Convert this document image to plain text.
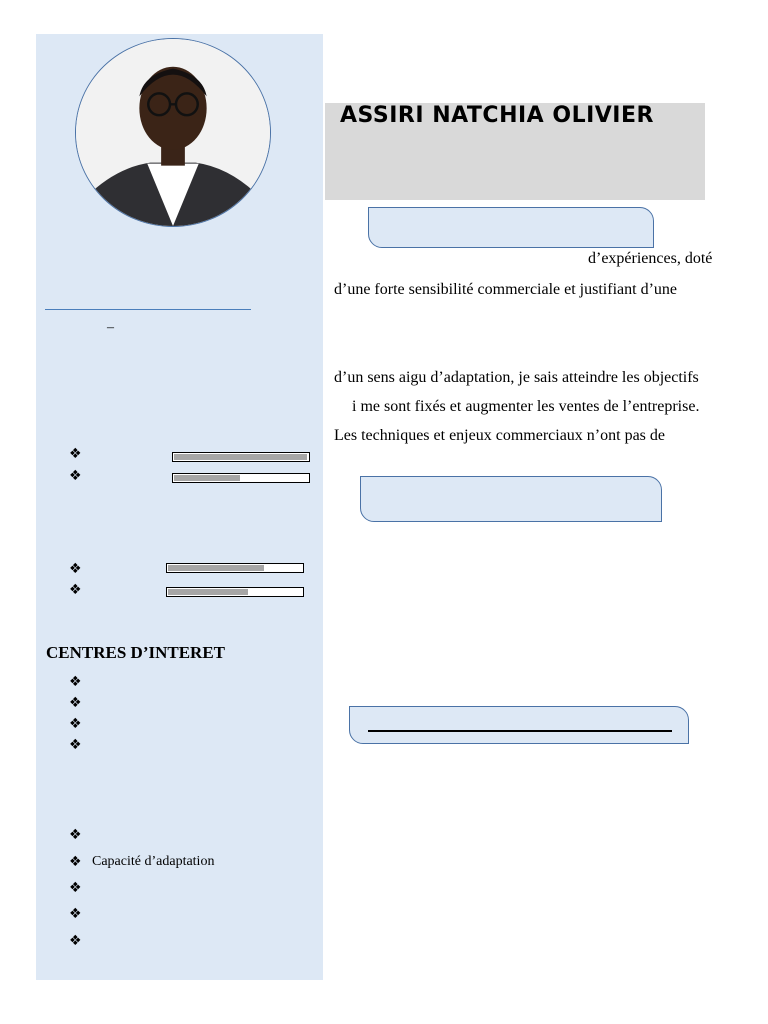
–
❖
❖
❖
❖
CENTRES D’INTERET
❖
❖
❖
❖
❖
❖ Capacité d’adaptation
❖
❖
❖
ASSIRI NATCHIA OLIVIER
d’expériences, doté
d’une forte sensibilité commerciale et justifiant d’une
d’un sens aigu d’adaptation, je sais atteindre les objectifs
i me sont fixés et augmenter les ventes de l’entreprise.
Les techniques et enjeux commerciaux n’ont pas de
